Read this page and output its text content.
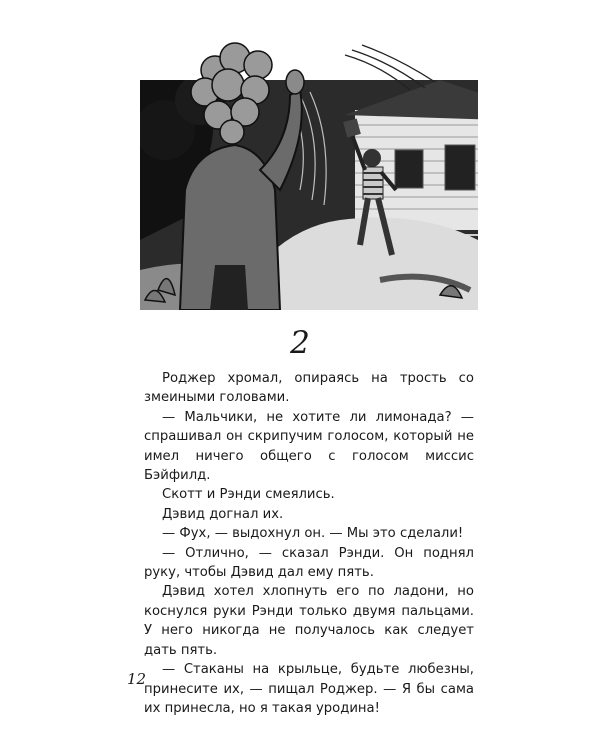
2

Роджер хромал, опираясь на трость со змеиными головами.

— Мальчики, не хотите ли лимонада? — спрашивал он скрипучим голосом, который не имел ничего общего с голосом миссис Бэйфилд.

Скотт и Рэнди смеялись.

Дэвид догнал их.

— Фух, — выдохнул он. — Мы это сделали!

— Отлично, — сказал Рэнди. Он поднял руку, чтобы Дэвид дал ему пять.

Дэвид хотел хлопнуть его по ладони, но коснулся руки Рэнди только двумя пальцами. У него никогда не получалось как следует дать пять.

— Стаканы на крыльце, будьте любезны, принесите их, — пищал Роджер. — Я бы сама их принесла, но я такая уродина!

12
